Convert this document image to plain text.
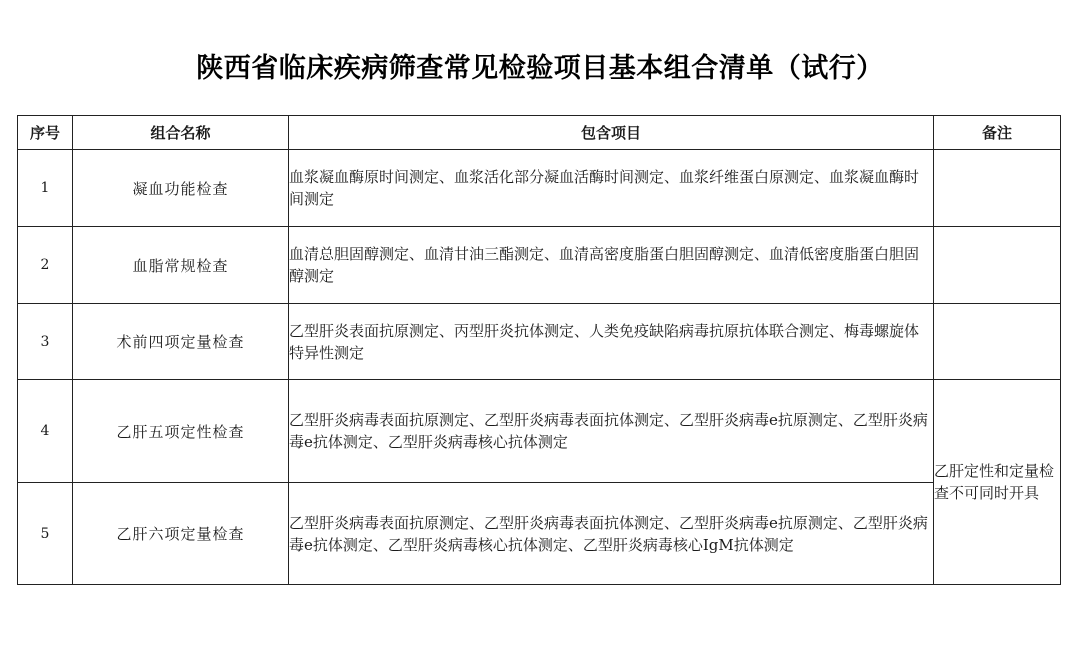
陕西省临床疾病筛查常见检验项目基本组合清单（试行）
序号	组合名称	包含项目	备注
1	凝血功能检查	血浆凝血酶原时间测定、血浆活化部分凝血活酶时间测定、血浆纤维蛋白原测定、血浆凝血酶时间测定	
2	血脂常规检查	血清总胆固醇测定、血清甘油三酯测定、血清高密度脂蛋白胆固醇测定、血清低密度脂蛋白胆固醇测定	
3	术前四项定量检查	乙型肝炎表面抗原测定、丙型肝炎抗体测定、人类免疫缺陷病毒抗原抗体联合测定、梅毒螺旋体特异性测定	
4	乙肝五项定性检查	乙型肝炎病毒表面抗原测定、乙型肝炎病毒表面抗体测定、乙型肝炎病毒e抗原测定、乙型肝炎病毒e抗体测定、乙型肝炎病毒核心抗体测定	乙肝定性和定量检查不可同时开具
5	乙肝六项定量检查	乙型肝炎病毒表面抗原测定、乙型肝炎病毒表面抗体测定、乙型肝炎病毒e抗原测定、乙型肝炎病毒e抗体测定、乙型肝炎病毒核心抗体测定、乙型肝炎病毒核心IgM抗体测定	
